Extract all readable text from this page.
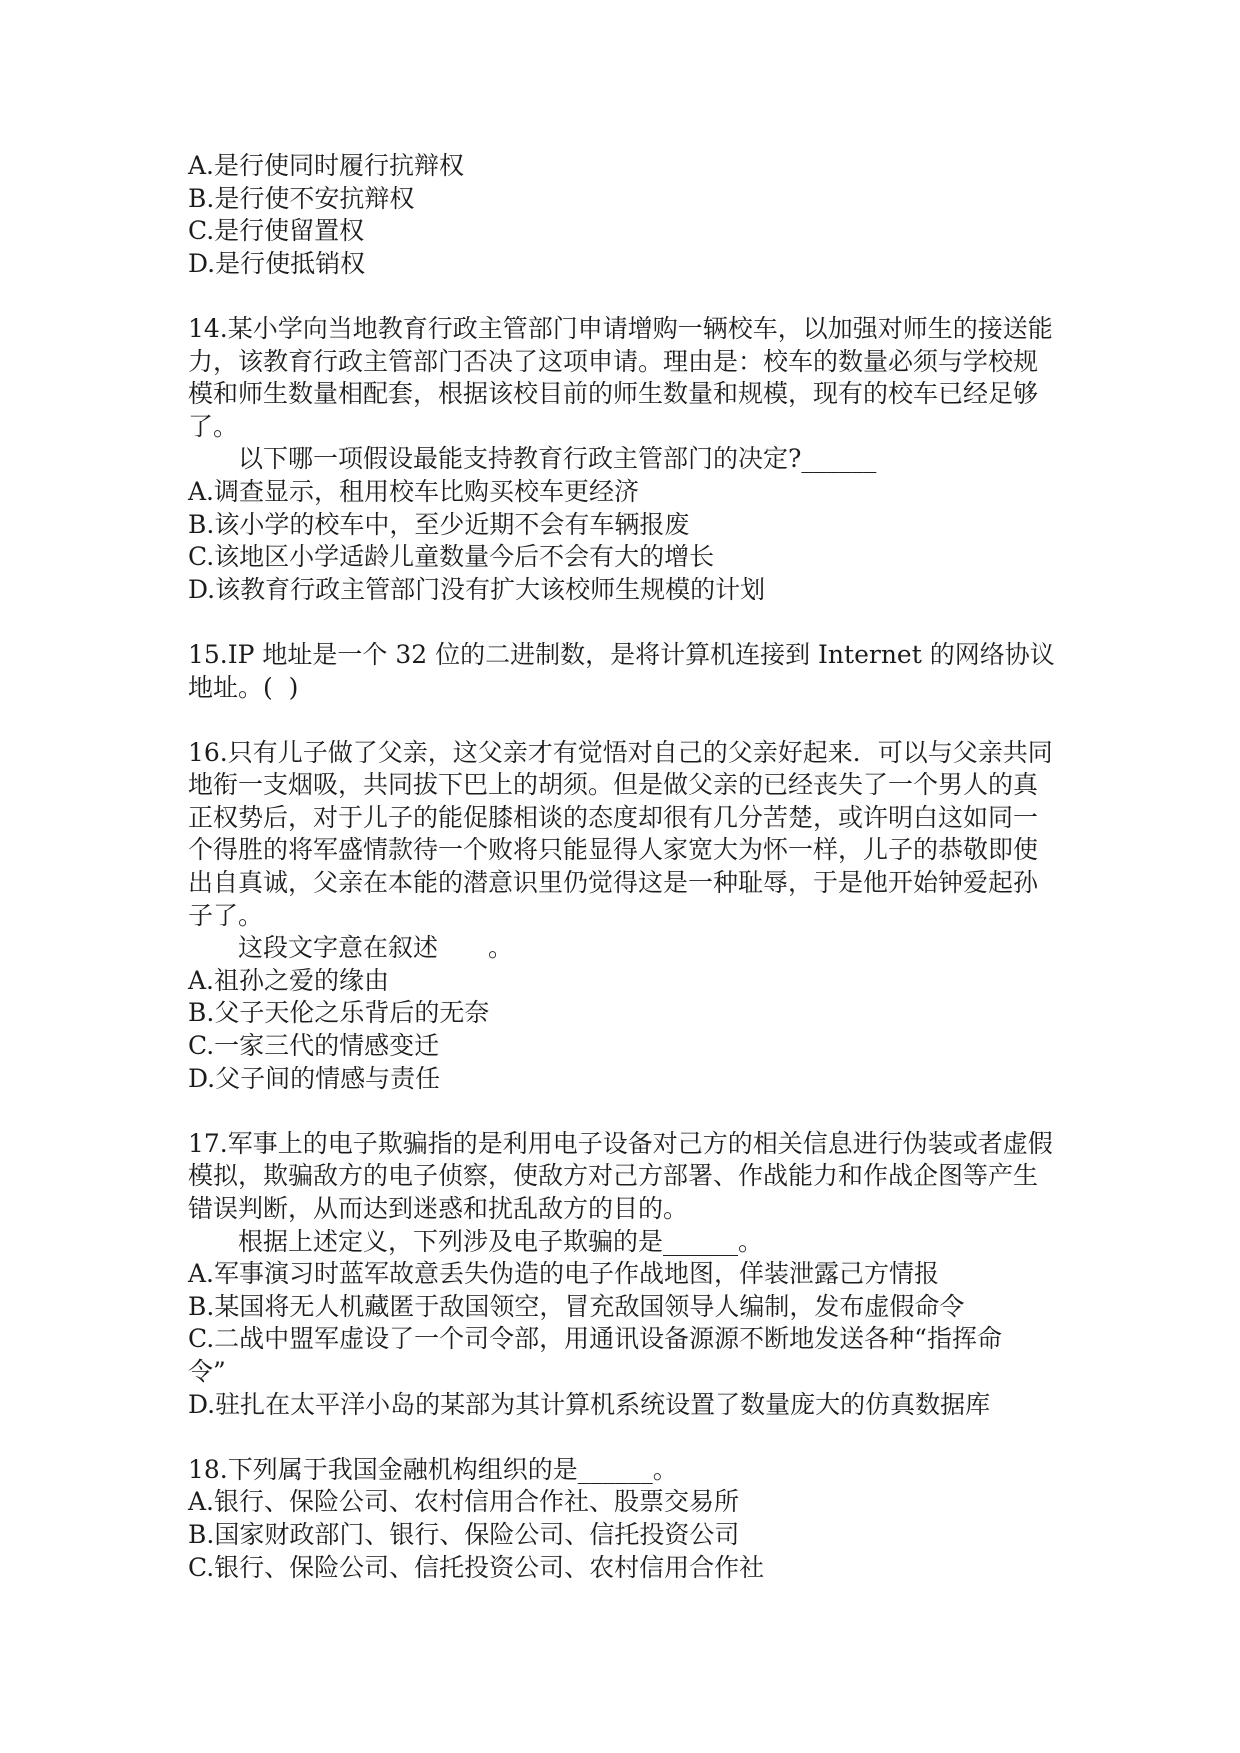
A.是行使同时履行抗辩权
B.是行使不安抗辩权
C.是行使留置权
D.是行使抵销权
14.某小学向当地教育行政主管部门申请增购一辆校车，以加强对师生的接送能
力，该教育行政主管部门否决了这项申请。理由是：校车的数量必须与学校规
模和师生数量相配套，根据该校目前的师生数量和规模，现有的校车已经足够
了。
以下哪一项假设最能支持教育行政主管部门的决定?______
A.调查显示，租用校车比购买校车更经济
B.该小学的校车中，至少近期不会有车辆报废
C.该地区小学适龄儿童数量今后不会有大的增长
D.该教育行政主管部门没有扩大该校师生规模的计划
15.IP 地址是一个 32 位的二进制数，是将计算机连接到 Internet 的网络协议
地址。(  )
16.只有儿子做了父亲，这父亲才有觉悟对自己的父亲好起来．可以与父亲共同
地衔一支烟吸，共同拔下巴上的胡须。但是做父亲的已经丧失了一个男人的真
正权势后，对于儿子的能促膝相谈的态度却很有几分苦楚，或许明白这如同一
个得胜的将军盛情款待一个败将只能显得人家宽大为怀一样，儿子的恭敬即使
出自真诚，父亲在本能的潜意识里仍觉得这是一种耻辱，于是他开始钟爱起孙
子了。
这段文字意在叙述　　。
A.祖孙之爱的缘由
B.父子天伦之乐背后的无奈
C.一家三代的情感变迁
D.父子间的情感与责任
17.军事上的电子欺骗指的是利用电子设备对己方的相关信息进行伪装或者虚假
模拟，欺骗敌方的电子侦察，使敌方对己方部署、作战能力和作战企图等产生
错误判断，从而达到迷惑和扰乱敌方的目的。
根据上述定义，下列涉及电子欺骗的是______。
A.军事演习时蓝军故意丢失伪造的电子作战地图，佯装泄露己方情报
B.某国将无人机藏匿于敌国领空，冒充敌国领导人编制，发布虚假命令
C.二战中盟军虚设了一个司令部，用通讯设备源源不断地发送各种“指挥命
令”
D.驻扎在太平洋小岛的某部为其计算机系统设置了数量庞大的仿真数据库
18.下列属于我国金融机构组织的是______。
A.银行、保险公司、农村信用合作社、股票交易所
B.国家财政部门、银行、保险公司、信托投资公司
C.银行、保险公司、信托投资公司、农村信用合作社
